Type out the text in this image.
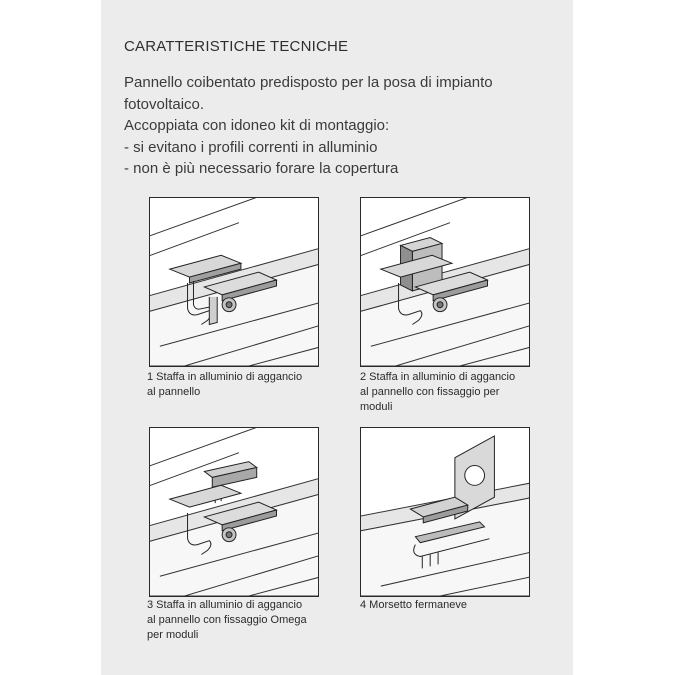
CARATTERISTICHE TECNICHE
Pannello coibentato predisposto per la posa di impianto
fotovoltaico.
Accoppiata con idoneo kit di montaggio:
- si evitano i profili correnti in alluminio
- non è più necessario forare la copertura
1 Staffa in alluminio di aggancio
al pannello
2 Staffa in alluminio di aggancio
al pannello con fissaggio per
moduli
3 Staffa in alluminio di aggancio
al pannello con fissaggio Omega
per moduli
4 Morsetto fermaneve
